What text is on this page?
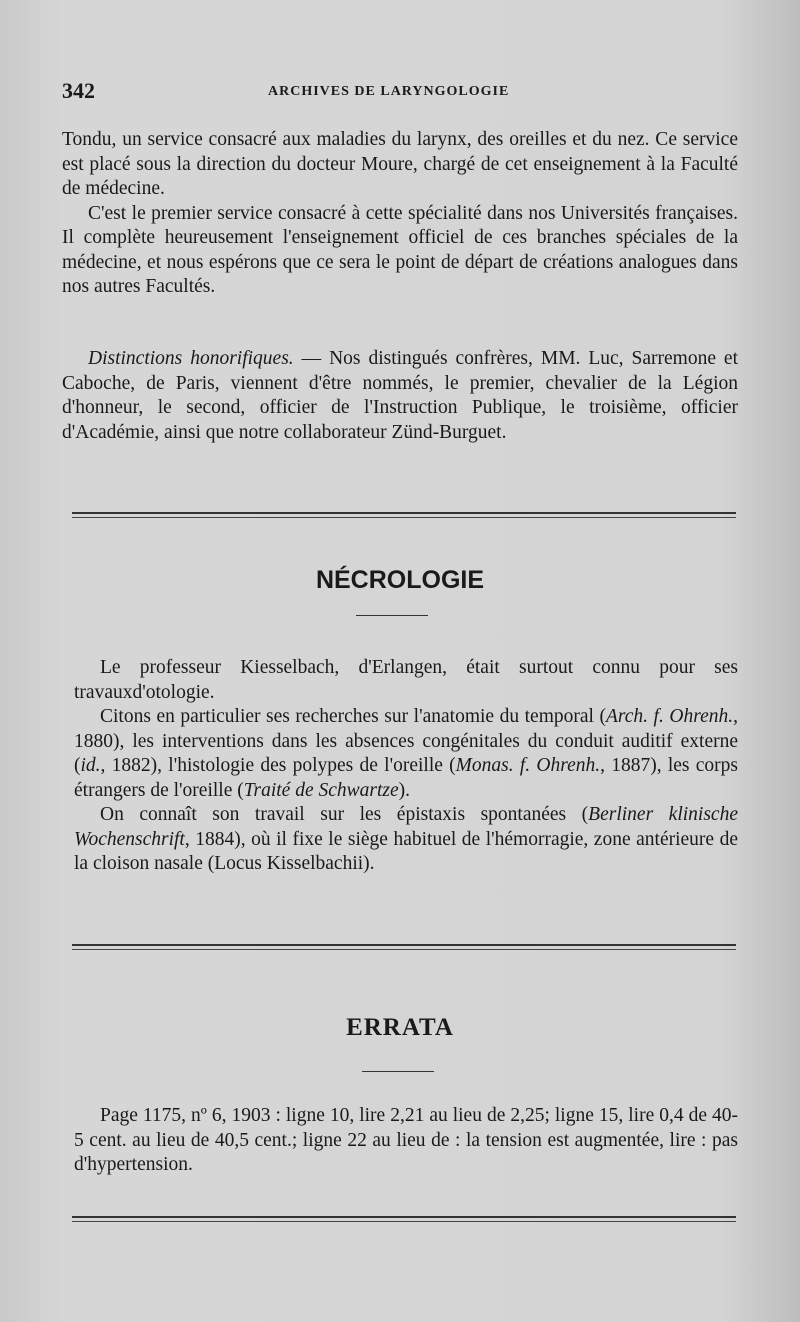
342	ARCHIVES DE LARYNGOLOGIE

Tondu, un service consacré aux maladies du larynx, des oreilles et du nez. Ce service est placé sous la direction du docteur Moure, chargé de cet enseignement à la Faculté de médecine.

C'est le premier service consacré à cette spécialité dans nos Universités françaises. Il complète heureusement l'enseignement officiel de ces branches spéciales de la médecine, et nous espérons que ce sera le point de départ de créations analogues dans nos autres Facultés.

Distinctions honorifiques. — Nos distingués confrères, MM. Luc, Sarremone et Caboche, de Paris, viennent d'être nommés, le premier, chevalier de la Légion d'honneur, le second, officier de l'Instruction Publique, le troisième, officier d'Académie, ainsi que notre collaborateur Zünd-Burguet.

NÉCROLOGIE

Le professeur Kiesselbach, d'Erlangen, était surtout connu pour ses travauxd'otologie.

Citons en particulier ses recherches sur l'anatomie du temporal (Arch. f. Ohrenh., 1880), les interventions dans les absences congénitales du conduit auditif externe (id., 1882), l'histologie des polypes de l'oreille (Monas. f. Ohrenh., 1887), les corps étrangers de l'oreille (Traité de Schwartze).

On connaît son travail sur les épistaxis spontanées (Berliner klinische Wochenschrift, 1884), où il fixe le siège habituel de l'hémorragie, zone antérieure de la cloison nasale (Locus Kisselbachii).

ERRATA

Page 1175, nº 6, 1903 : ligne 10, lire 2,21 au lieu de 2,25; ligne 15, lire 0,4 de 40-5 cent. au lieu de 40,5 cent.; ligne 22 au lieu de : la tension est augmentée, lire : pas d'hypertension.
